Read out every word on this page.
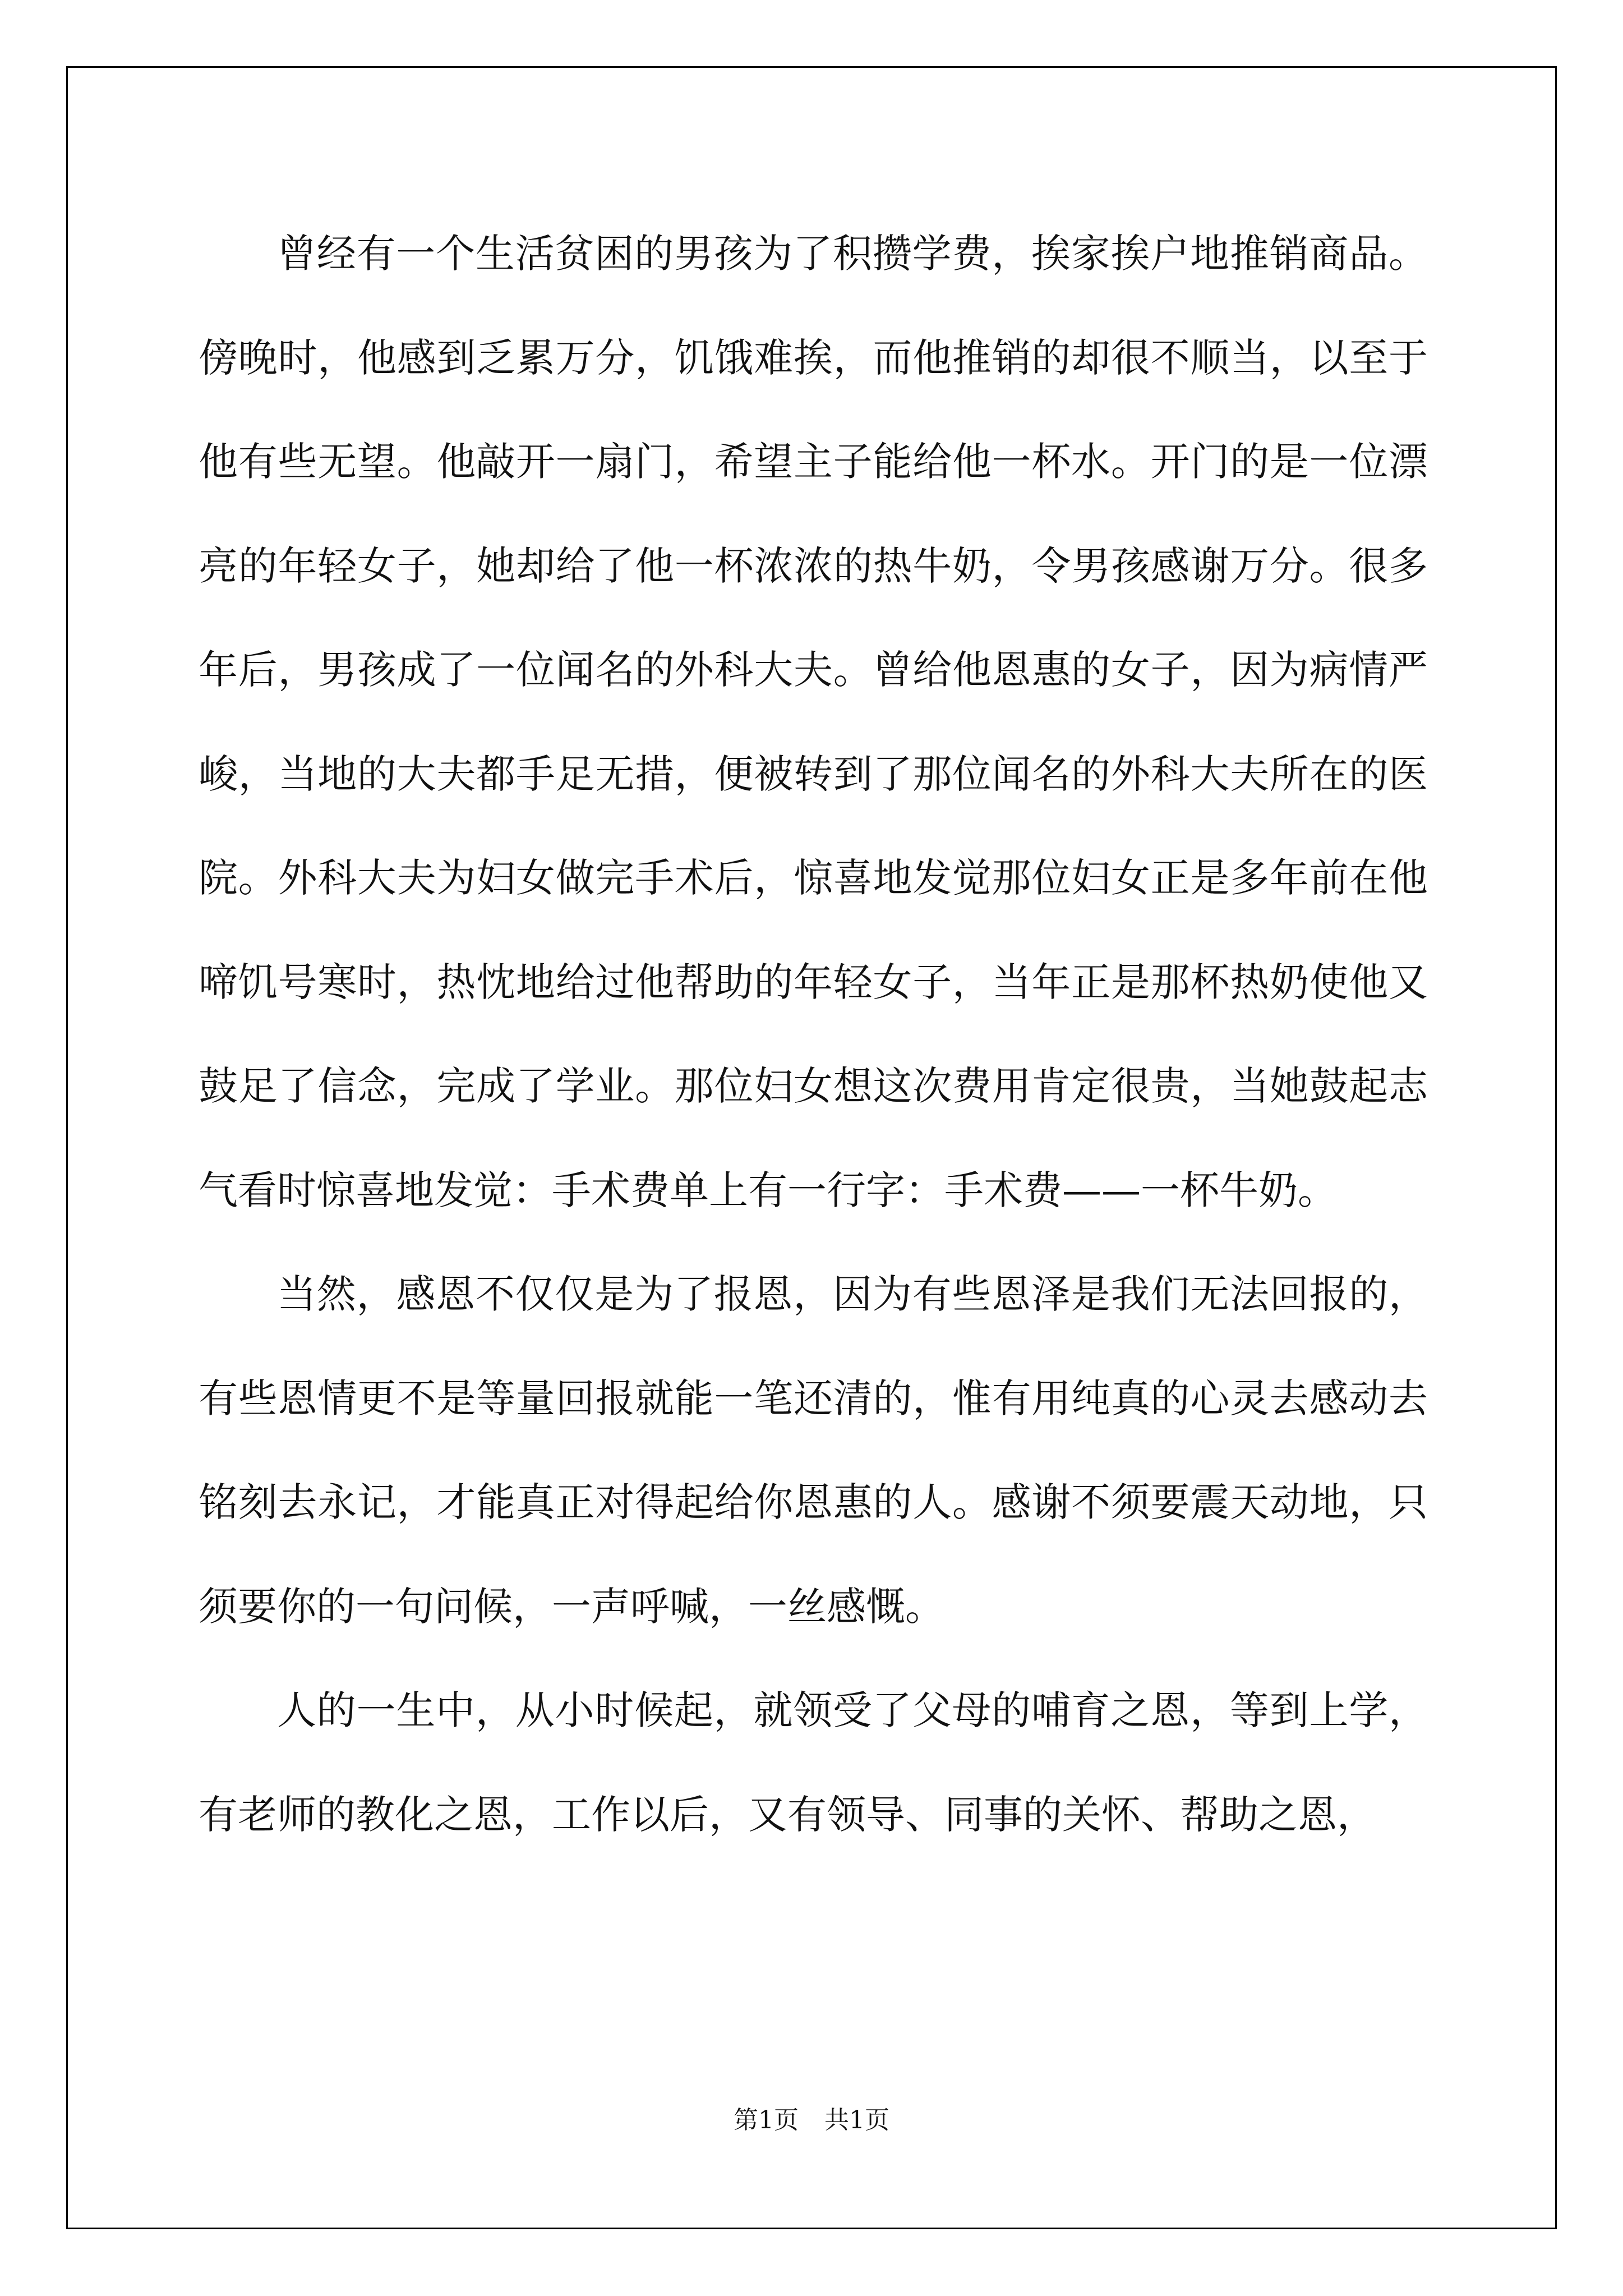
曾经有一个生活贫困的男孩为了积攒学费，挨家挨户地推销商品。傍晚时，他感到乏累万分，饥饿难挨，而他推销的却很不顺当，以至于他有些无望。他敲开一扇门，希望主子能给他一杯水。开门的是一位漂亮的年轻女子，她却给了他一杯浓浓的热牛奶，令男孩感谢万分。很多年后，男孩成了一位闻名的外科大夫。曾给他恩惠的女子，因为病情严峻，当地的大夫都手足无措，便被转到了那位闻名的外科大夫所在的医院。外科大夫为妇女做完手术后，惊喜地发觉那位妇女正是多年前在他啼饥号寒时，热忱地给过他帮助的年轻女子，当年正是那杯热奶使他又鼓足了信念，完成了学业。那位妇女想这次费用肯定很贵，当她鼓起志气看时惊喜地发觉：手术费单上有一行字：手术费——一杯牛奶。

当然，感恩不仅仅是为了报恩，因为有些恩泽是我们无法回报的，有些恩情更不是等量回报就能一笔还清的，惟有用纯真的心灵去感动去铭刻去永记，才能真正对得起给你恩惠的人。感谢不须要震天动地，只须要你的一句问候，一声呼喊，一丝感慨。

人的一生中，从小时候起，就领受了父母的哺育之恩，等到上学，有老师的教化之恩，工作以后，又有领导、同事的关怀、帮助之恩，

第1页 共1页
